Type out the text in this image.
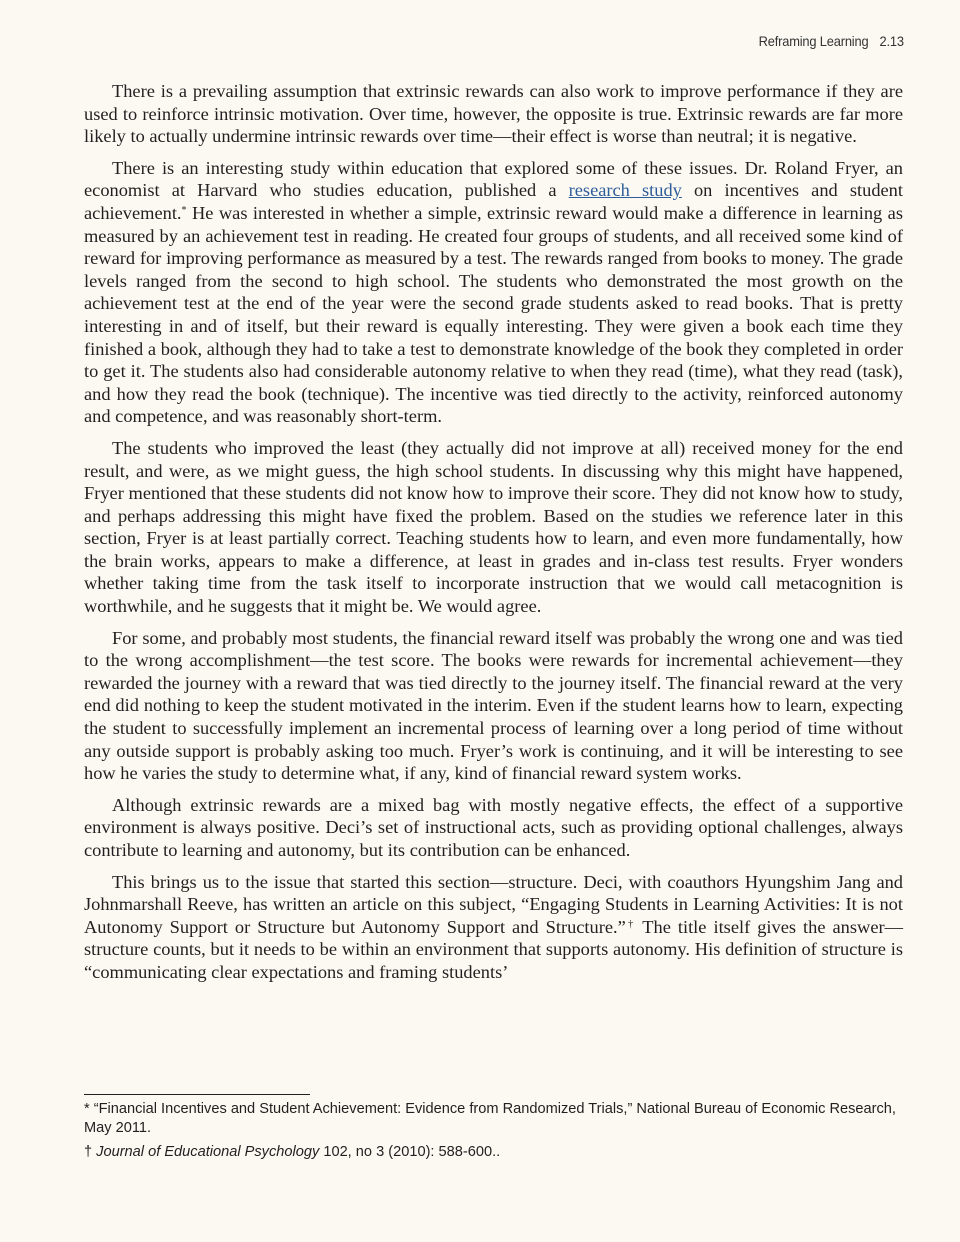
Reframing Learning 2.13

There is a prevailing assumption that extrinsic rewards can also work to improve performance if they are used to reinforce intrinsic motivation. Over time, however, the opposite is true. Extrinsic rewards are far more likely to actually undermine intrinsic rewards over time—their effect is worse than neutral; it is negative.

There is an interesting study within education that explored some of these issues. Dr. Roland Fryer, an economist at Harvard who studies education, published a research study on incentives and student achievement.* He was interested in whether a simple, extrinsic reward would make a difference in learning as measured by an achievement test in reading. He created four groups of students, and all received some kind of reward for improving performance as measured by a test. The rewards ranged from books to money. The grade levels ranged from the second to high school. The students who demonstrated the most growth on the achievement test at the end of the year were the second grade students asked to read books. That is pretty interesting in and of itself, but their reward is equally interesting. They were given a book each time they finished a book, although they had to take a test to demonstrate knowledge of the book they completed in order to get it. The students also had considerable autonomy relative to when they read (time), what they read (task), and how they read the book (technique). The incentive was tied directly to the activity, reinforced autonomy and competence, and was reasonably short-term.

The students who improved the least (they actually did not improve at all) received money for the end result, and were, as we might guess, the high school students. In discussing why this might have happened, Fryer mentioned that these students did not know how to improve their score. They did not know how to study, and perhaps addressing this might have fixed the problem. Based on the studies we reference later in this section, Fryer is at least partially correct. Teaching students how to learn, and even more fundamentally, how the brain works, appears to make a difference, at least in grades and in-class test results. Fryer wonders whether taking time from the task itself to incorporate instruction that we would call metacognition is worthwhile, and he suggests that it might be. We would agree.

For some, and probably most students, the financial reward itself was probably the wrong one and was tied to the wrong accomplishment—the test score. The books were rewards for incremental achievement—they rewarded the journey with a reward that was tied directly to the journey itself. The financial reward at the very end did nothing to keep the student motivated in the interim. Even if the student learns how to learn, expecting the student to successfully implement an incremental process of learning over a long period of time without any outside support is probably asking too much. Fryer’s work is continuing, and it will be interesting to see how he varies the study to determine what, if any, kind of financial reward system works.

Although extrinsic rewards are a mixed bag with mostly negative effects, the effect of a supportive environment is always positive. Deci’s set of instructional acts, such as providing optional challenges, always contribute to learning and autonomy, but its contribution can be enhanced.

This brings us to the issue that started this section—structure. Deci, with coauthors Hyungshim Jang and Johnmarshall Reeve, has written an article on this subject, “Engaging Students in Learning Activities: It is not Autonomy Support or Structure but Autonomy Support and Structure.”† The title itself gives the answer—structure counts, but it needs to be within an environment that supports autonomy. His definition of structure is “communicating clear expectations and framing students’

* “Financial Incentives and Student Achievement: Evidence from Randomized Trials,” National Bureau of Economic Research, May 2011.
† Journal of Educational Psychology 102, no 3 (2010): 588-600..
